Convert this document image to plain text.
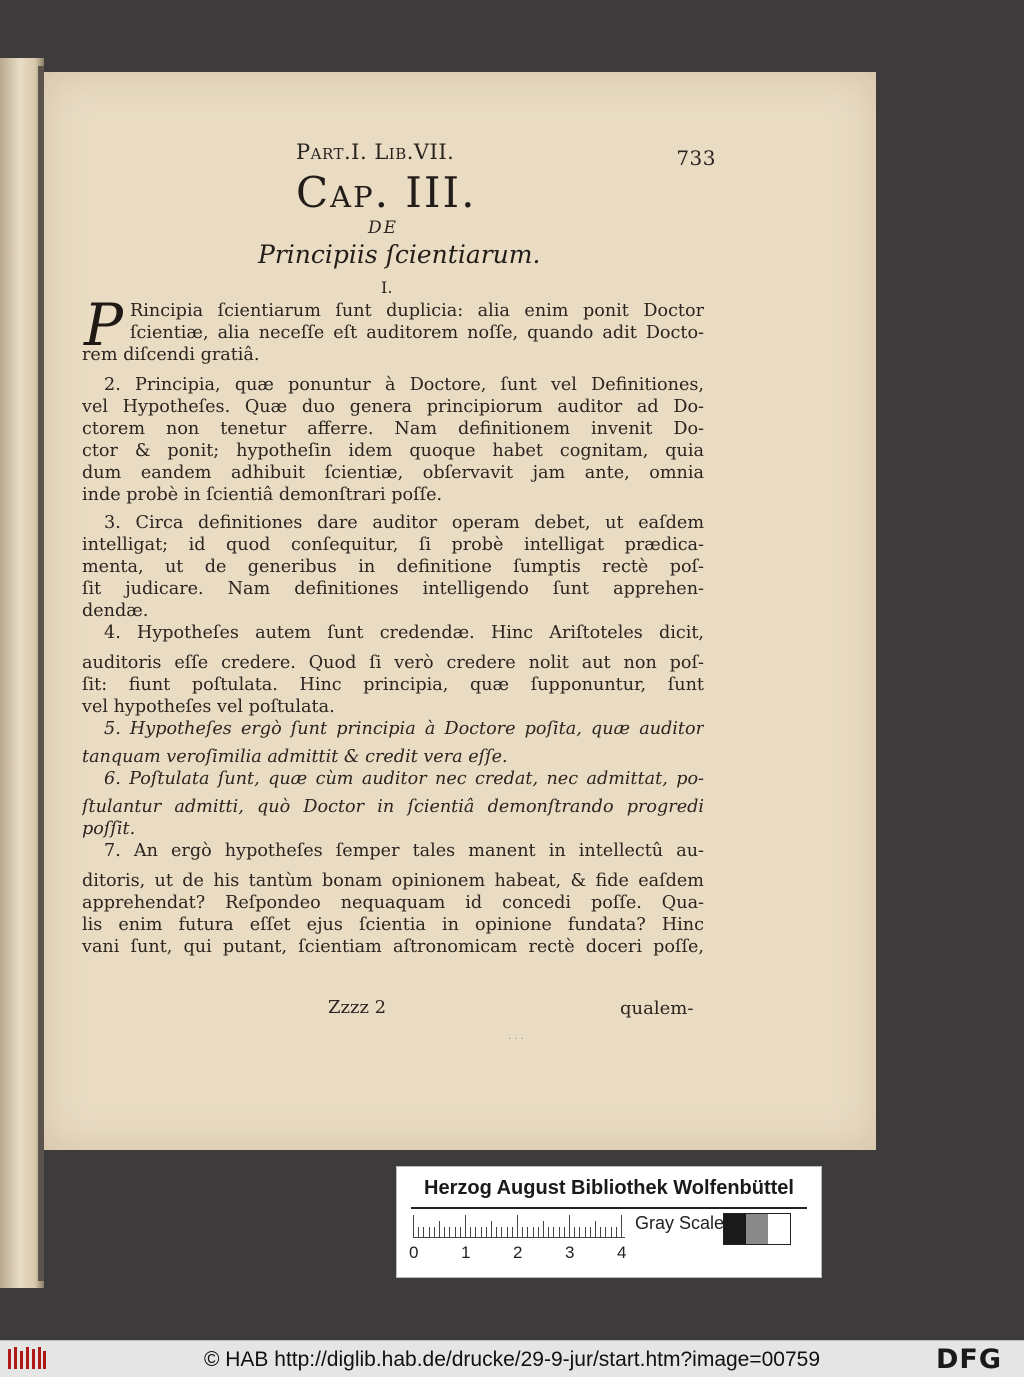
Part.I. Lib.VII.	733
Cap. III.
DE
Principiis ſcientiarum.
I.
P Rincipia ſcientiarum ſunt duplicia: alia enim ponit Doctor
ſcientiæ, alia neceſſe eſt auditorem noſſe, quando adit Docto-
rem diſcendi gratiâ.
2. Principia, quæ ponuntur à Doctore, ſunt vel Definitiones,
vel Hypotheſes. Quæ duo genera principiorum auditor ad Do-
ctorem non tenetur afferre. Nam definitionem invenit Do-
ctor & ponit; hypotheſin idem quoque habet cognitam, quia
dum eandem adhibuit ſcientiæ, obſervavit jam ante, omnia
inde probè in ſcientiâ demonſtrari poſſe.
3. Circa definitiones dare auditor operam debet, ut eaſdem
intelligat; id quod conſequitur, ſi probè intelligat prædica-
menta, ut de generibus in definitione ſumptis rectè poſ-
ſit judicare. Nam definitiones intelligendo ſunt apprehen-
dendæ.
4. Hypotheſes autem ſunt credendæ. Hinc Ariſtoteles dicit,
auditoris eſſe credere. Quod ſi verò credere nolit aut non poſ-
ſit: fiunt poſtulata. Hinc principia, quæ ſupponuntur, ſunt
vel hypotheſes vel poſtulata.
5. Hypotheſes ergò ſunt principia à Doctore poſita, quæ auditor
tanquam veroſimilia admittit & credit vera eſſe.
6. Poſtulata ſunt, quæ cùm auditor nec credat, nec admittat, po-
ſtulantur admitti, quò Doctor in ſcientiâ demonſtrando progredi
poſſit.
7. An ergò hypotheſes ſemper tales manent in intellectû au-
ditoris, ut de his tantùm bonam opinionem habeat, & fide eaſdem
apprehendat? Reſpondeo nequaquam id concedi poſſe. Qua-
lis enim futura eſſet ejus ſcientia in opinione fundata? Hinc
vani ſunt, qui putant, ſcientiam aſtronomicam rectè doceri poſſe,
Zzzz 2	qualem-
· · ·
Herzog August Bibliothek Wolfenbüttel
0	1	2	3	4
Gray Scale
© HAB http://diglib.hab.de/drucke/29-9-jur/start.htm?image=00759	DFG
